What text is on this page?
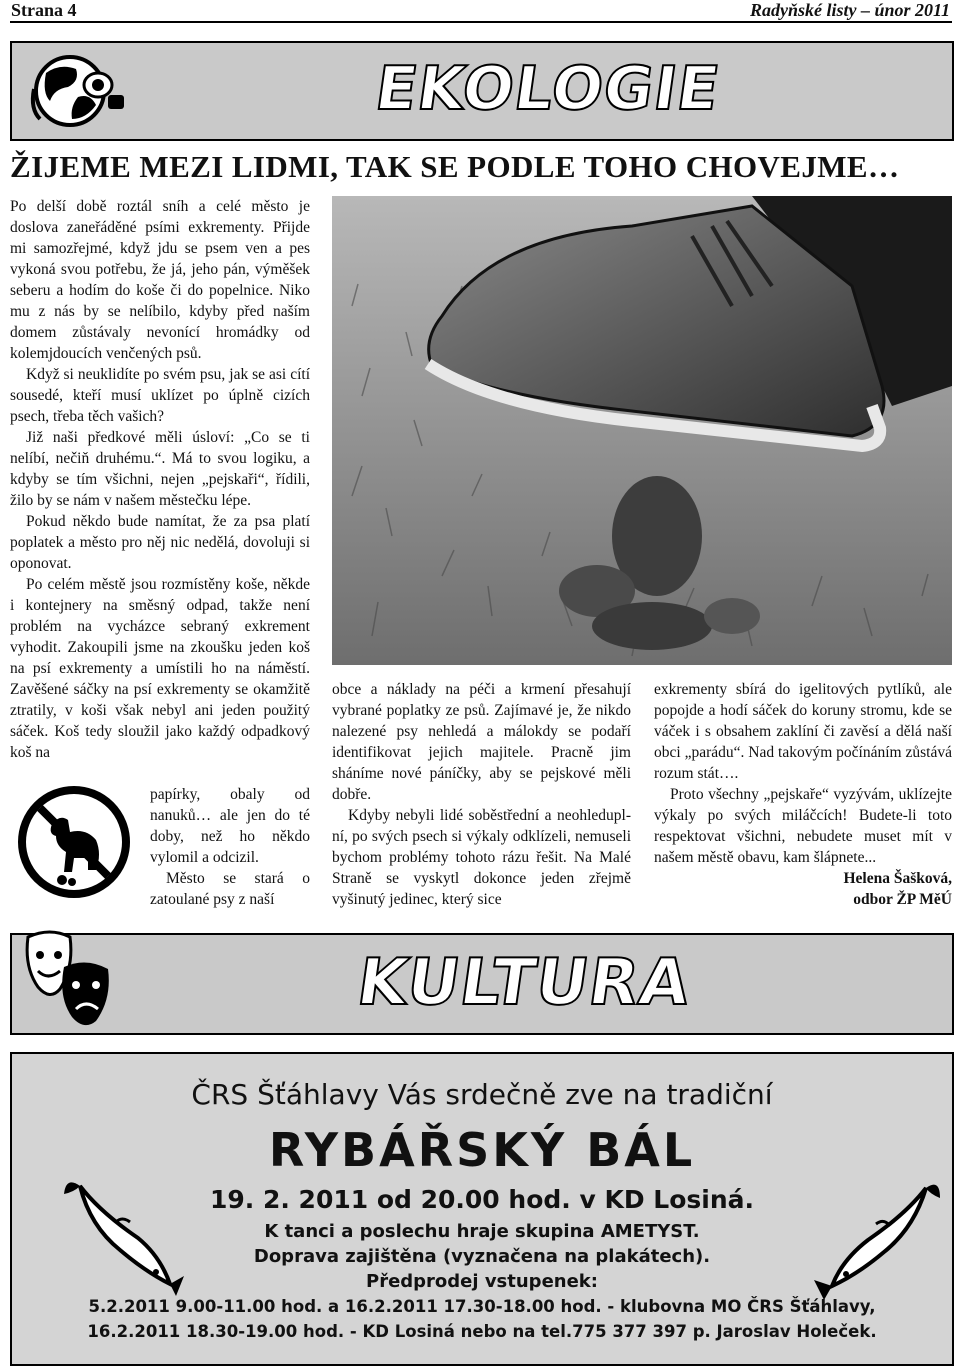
Strana 4	Radyňské listy – únor 2011
EKOLOGIE
ŽIJEME MEZI LIDMI, TAK SE PODLE TOHO CHOVEJME…

Po delší době roztál sníh a celé město je doslova zaneřáděné psími exkrementy. Přijde mi samozřejmé, když jdu se psem ven a pes vykoná svou potřebu, že já, jeho pán, výměšek seberu a hodím do koše či do popelnice. Niko mu z nás by se nelíbilo, kdyby před naším domem zůstávaly nevonící hromádky od kolemjdoucích venčených psů.

Když si neuklidíte po svém psu, jak se asi cítí sousedé, kteří musí uklízet po úplně cizích psech, třeba těch vašich?

Již naši předkové měli úsloví: „Co se ti nelíbí, nečiň druhému.“. Má to svou logiku, a kdyby se tím všichni, nejen „pejskaři“, řídili, žilo by se nám v našem městečku lépe.

Pokud někdo bude namítat, že za psa platí poplatek a město pro něj nic nedělá, dovoluji si oponovat.

Po celém městě jsou rozmístěny koše, někde i kontejnery na směsný odpad, takže není problém na vycházce sebraný exkrement vyhodit. Zakoupili jsme na zkoušku jeden koš na psí exkrementy a umístili ho na náměstí. Zavěšené sáčky na psí exkrementy se okamžitě ztratily, v koši však nebyl ani jeden použitý sáček. Koš tedy sloužil jako každý odpadkový koš na

papírky, obaly od nanuků… ale jen do té doby, než ho někdo vylomil a odcizil.

Město se stará o zatoulané psy z naší

obce a náklady na péči a krmení přesahují vybrané poplatky ze psů. Zajímavé je, že nikdo nalezené psy nehledá a málokdy se podaří identifikovat jejich majitele. Pracně jim sháníme nové páníčky, aby se pejskové měli dobře.

Kdyby nebyli lidé soběstřední a neohleduplní, po svých psech si výkaly odklízeli, nemuseli bychom problémy tohoto rázu řešit. Na Malé Straně se vyskytl dokonce jeden zřejmě vyšinutý jedinec, který sice

exkrementy sbírá do igelitových pytlíků, ale popojde a hodí sáček do koruny stromu, kde se váček i s obsahem zaklíní či zavěsí a dělá naší obci „parádu“. Nad takovým počínáním zůstává rozum stát….

Proto všechny „pejskaře“ vyzývám, uklízejte výkaly po svých miláčcích! Budete-li toto respektovat všichni, nebudete muset mít v našem městě obavu, kam šlápnete...

Helena Šašková,

odbor ŽP MěÚ

KULTURA
ČRS Šťáhlavy Vás srdečně zve na tradiční
RYBÁŘSKÝ BÁL
19. 2. 2011 od 20.00 hod. v KD Losiná.
K tanci a poslechu hraje skupina AMETYST.
Doprava zajištěna (vyznačena na plakátech).
Předprodej vstupenek:
5.2.2011 9.00-11.00 hod. a 16.2.2011 17.30-18.00 hod. - klubovna MO ČRS Šťáhlavy,
16.2.2011 18.30-19.00 hod. - KD Losiná nebo na tel.775 377 397 p. Jaroslav Holeček.
